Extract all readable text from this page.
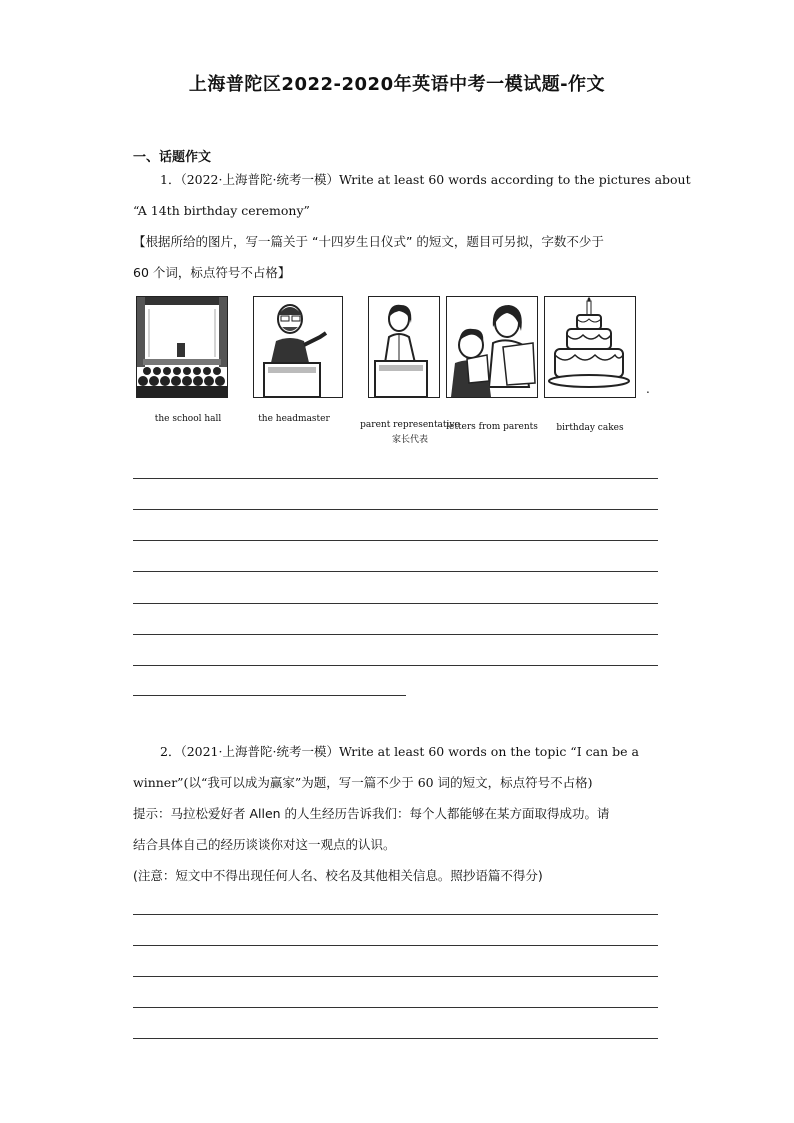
上海普陀区2022-2020年英语中考一模试题-作文
一、话题作文
1．（2022·上海普陀·统考一模）Write at least 60 words according to the pictures about
“A 14th birthday ceremony”
【根据所给的图片，写一篇关于 “十四岁生日仪式” 的短文，题目可另拟，字数不少于
60 个词，标点符号不占格】
the school hall	the headmaster
parent representative
家长代表
letters from parents	birthday cakes
.
2．（2021·上海普陀·统考一模）Write at least 60 words on the topic “I can be a
winner”(以“我可以成为赢家”为题，写一篇不少于 60 词的短文，标点符号不占格)
提示：马拉松爱好者 Allen 的人生经历告诉我们：每个人都能够在某方面取得成功。请
结合具体自己的经历谈谈你对这一观点的认识。
(注意：短文中不得出现任何人名、校名及其他相关信息。照抄语篇不得分)
